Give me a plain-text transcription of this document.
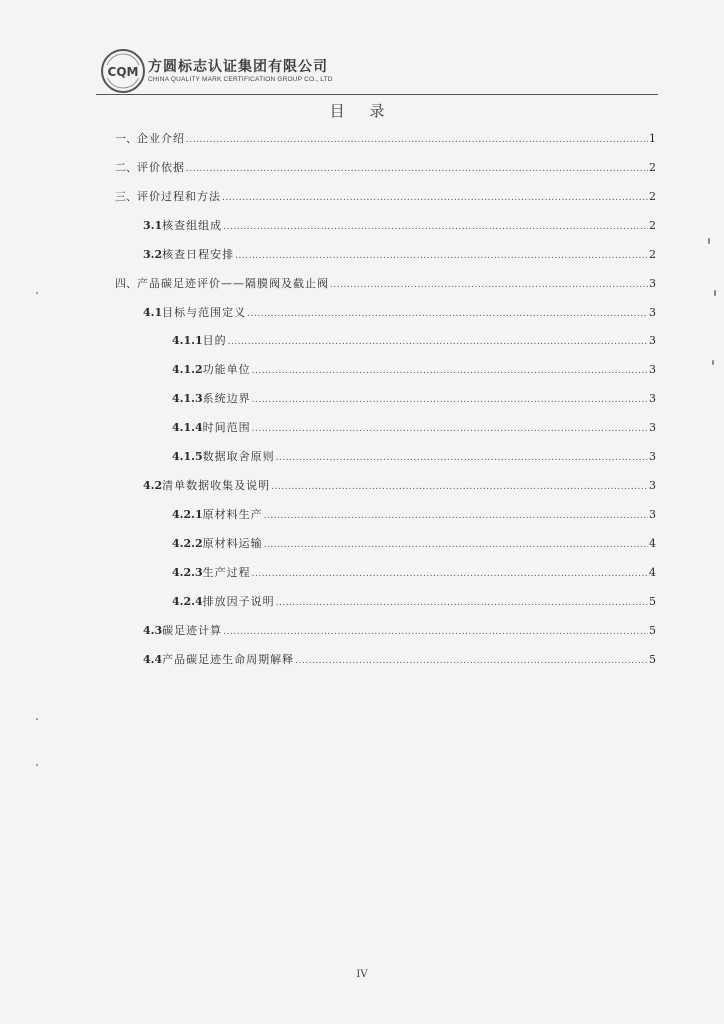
CQM 方圆标志认证集团有限公司
CHINA QUALITY MARK CERTIFICATION GROUP CO., LTD
目 录
一、 企业介绍 .....	1
二、 评价依据 .....	2
三、 评价过程和方法 .....	2
3.1 核查组组成 .....	2
3.2 核查日程安排 .....	2
四、 产品碳足迹评价——隔膜阀及截止阀 .....	3
4.1 目标与范围定义 .....	3
4.1.1 目的 .....	3
4.1.2 功能单位 .....	3
4.1.3 系统边界 .....	3
4.1.4 时间范围 .....	3
4.1.5 数据取舍原则 .....	3
4.2 清单数据收集及说明 .....	3
4.2.1 原材料生产 .....	3
4.2.2 原材料运输 .....	4
4.2.3 生产过程 .....	4
4.2.4 排放因子说明 .....	5
4.3 碳足迹计算 .....	5
4.4 产品碳足迹生命周期解释 .....	5
IV
